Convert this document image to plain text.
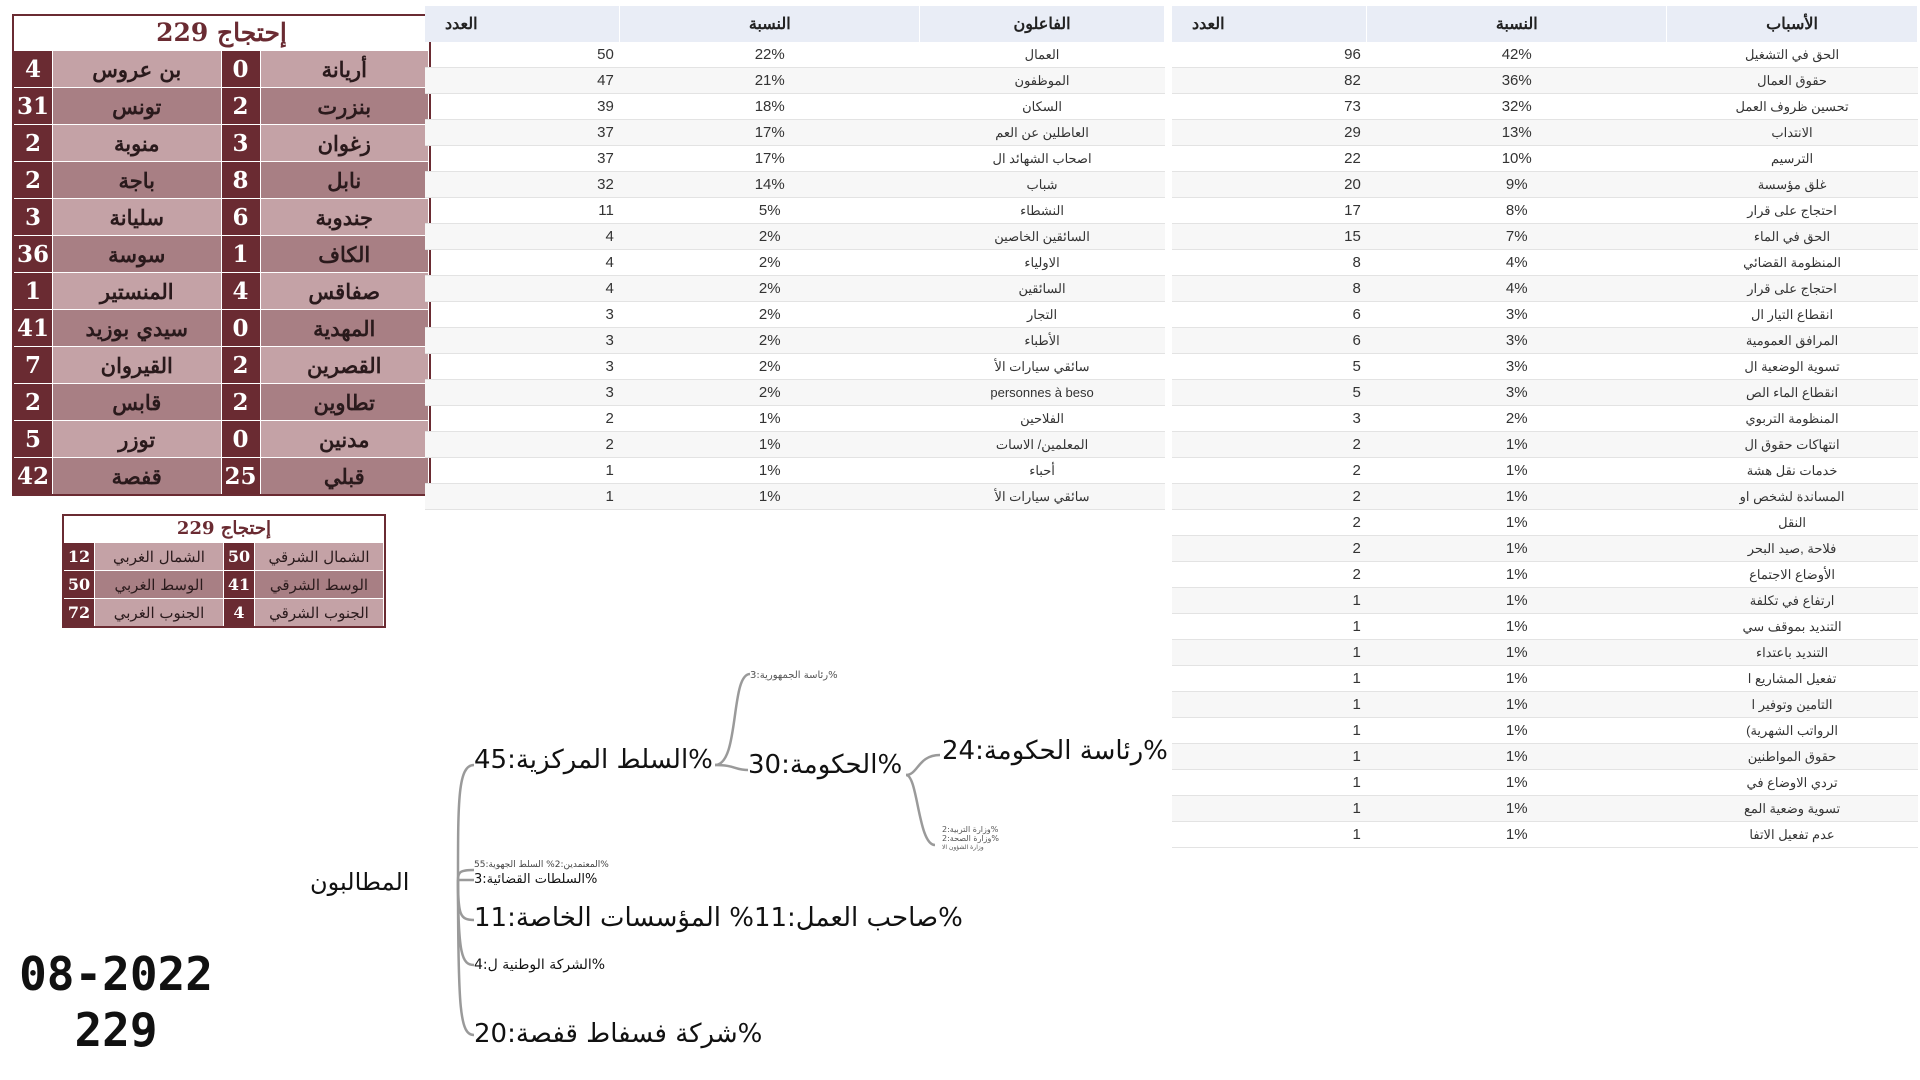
229 إحتجاج
4	بن عروس	0	أريانة
31	تونس	2	بنزرت
2	منوبة	3	زغوان
2	باجة	8	نابل
3	سليانة	6	جندوبة
36	سوسة	1	الكاف
1	المنستير	4	صفاقس
41	سيدي بوزيد	0	المهدية
7	القيروان	2	القصرين
2	قابس	2	تطاوين
5	توزر	0	مدنين
42	قفصة	25	قبلي
229 إحتجاج
12	الشمال الغربي	50	الشمال الشرقي
50	الوسط الغربي	41	الوسط الشرقي
72	الجنوب الغربي	4	الجنوب الشرقي
العدد	النسبة	الفاعلون
50	22%	العمال
47	21%	الموظفون
39	18%	السكان
37	17%	العاطلين عن العم
37	17%	اصحاب الشهائد ال
32	14%	شباب
11	5%	النشطاء
4	2%	السائقين الخاصين
4	2%	الاولياء
4	2%	السائقين
3	2%	التجار
3	2%	الأطباء
3	2%	سائقي سيارات الأ
3	2%	personnes à beso
2	1%	الفلاحين
2	1%	المعلمين/ الاسات
1	1%	أحباء
1	1%	سائقي سيارات الأ
العدد	النسبة	الأسباب
96	42%	الحق في التشغيل
82	36%	حقوق العمال
73	32%	تحسين ظروف العمل
29	13%	الانتداب
22	10%	الترسيم
20	9%	غلق مؤسسة
17	8%	احتجاج على قرار
15	7%	الحق في الماء
8	4%	المنظومة القضائي
8	4%	احتجاج على قرار
6	3%	انقطاع التيار ال
6	3%	المرافق العمومية
5	3%	تسوية الوضعية ال
5	3%	انقطاع الماء الص
3	2%	المنظومة التربوي
2	1%	انتهاكات حقوق ال
2	1%	خدمات نقل هشة
2	1%	المساندة لشخص او
2	1%	النقل
2	1%	فلاحة ,صيد البحر
2	1%	الأوضاع الاجتماع
1	1%	ارتفاع في تكلفة
1	1%	التنديد بموقف سي
1	1%	التنديد باعتداء
1	1%	تفعيل المشاريع ا
1	1%	التامين وتوفير ا
1	1%	(الرواتب الشهرية
1	1%	حقوق المواطنين
1	1%	تردي الاوضاع في
1	1%	تسوية وضعية المع
1	1%	عدم تفعيل الاتفا
المطالبون
السلط المركزية:45%
رئاسة الجمهورية:3%
الحكومة:30% رئاسة الحكومة:24%
وزارة التربية:2%
وزارة الصحة:2%
وزارة الشؤون الا
المعتمدين:2% السلط الجهوية:55%
السلطات القضائية:3%
صاحب العمل:11% المؤسسات الخاصة:11%
الشركة الوطنية ل:4%
شركة فسفاط قفصة:20%
08-2022
229
